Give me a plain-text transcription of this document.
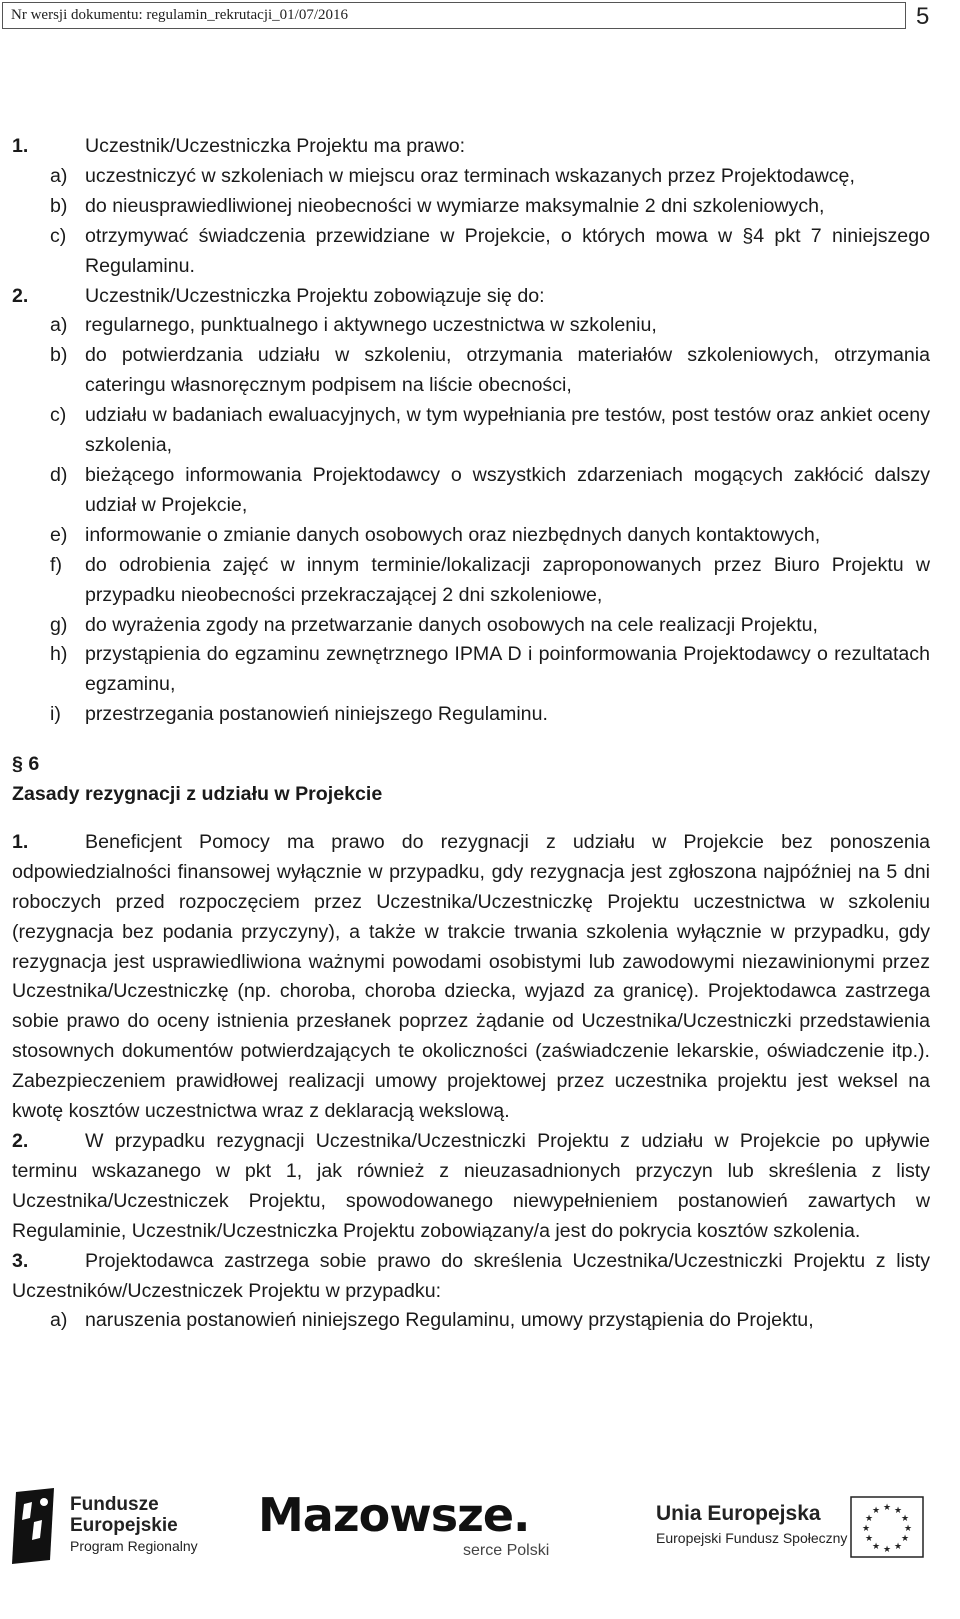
Nr wersji dokumentu: regulamin_rekrutacji_01/07/2016	5
1.	Uczestnik/Uczestniczka Projektu ma prawo:
a) uczestniczyć w szkoleniach w miejscu oraz terminach wskazanych przez Projektodawcę,
b) do nieusprawiedliwionej nieobecności w wymiarze maksymalnie 2 dni szkoleniowych,
c) otrzymywać świadczenia przewidziane w Projekcie, o których mowa w §4 pkt 7 niniejszego Regulaminu.
2.	Uczestnik/Uczestniczka Projektu zobowiązuje się do:
a) regularnego, punktualnego i aktywnego uczestnictwa w szkoleniu,
b) do potwierdzania udziału w szkoleniu, otrzymania materiałów szkoleniowych, otrzymania cateringu własnoręcznym podpisem na liście obecności,
c) udziału w badaniach ewaluacyjnych, w tym wypełniania pre testów, post testów oraz ankiet oceny szkolenia,
d) bieżącego informowania Projektodawcy o wszystkich zdarzeniach mogących zakłócić dalszy udział w Projekcie,
e) informowanie o zmianie danych osobowych oraz niezbędnych danych kontaktowych,
f)	do odrobienia zajęć w innym terminie/lokalizacji zaproponowanych przez Biuro Projektu w przypadku nieobecności przekraczającej 2 dni szkoleniowe,
g) do wyrażenia zgody na przetwarzanie danych osobowych na cele realizacji Projektu,
h) przystąpienia do egzaminu zewnętrznego IPMA D i poinformowania Projektodawcy o rezultatach egzaminu,
i)	przestrzegania postanowień niniejszego Regulaminu.
§ 6
Zasady rezygnacji z udziału w Projekcie
1.	Beneficjent Pomocy ma prawo do rezygnacji z udziału w Projekcie bez ponoszenia odpowiedzialności finansowej wyłącznie w przypadku, gdy rezygnacja jest zgłoszona najpóźniej na 5 dni roboczych przed rozpoczęciem przez Uczestnika/Uczestniczkę Projektu uczestnictwa w szkoleniu (rezygnacja bez podania przyczyny), a także w trakcie trwania szkolenia wyłącznie w przypadku, gdy rezygnacja jest usprawiedliwiona ważnymi powodami osobistymi lub zawodowymi niezawinionymi przez Uczestnika/Uczestniczkę (np. choroba, choroba dziecka, wyjazd za granicę). Projektodawca zastrzega sobie prawo do oceny istnienia przesłanek poprzez żądanie od Uczestnika/Uczestniczki przedstawienia stosownych dokumentów potwierdzających te okoliczności (zaświadczenie lekarskie, oświadczenie itp.). Zabezpieczeniem prawidłowej realizacji umowy projektowej przez uczestnika projektu jest weksel na kwotę kosztów uczestnictwa wraz z deklaracją wekslową.
2.	W przypadku rezygnacji Uczestnika/Uczestniczki Projektu z udziału w Projekcie po upływie terminu wskazanego w pkt 1, jak również z nieuzasadnionych przyczyn lub skreślenia z listy Uczestnika/Uczestniczek Projektu, spowodowanego niewypełnieniem postanowień zawartych w Regulaminie, Uczestnik/Uczestniczka Projektu zobowiązany/a jest do pokrycia kosztów szkolenia.
3.	Projektodawca zastrzega sobie prawo do skreślenia Uczestnika/Uczestniczki Projektu z listy Uczestników/Uczestniczek Projektu w przypadku:
a) naruszenia postanowień niniejszego Regulaminu, umowy przystąpienia do Projektu,
Fundusze
Europejskie
Program Regionalny
Mazowsze.
serce Polski
Unia Europejska
Europejski Fundusz Społeczny
★ ★
★
★
★
★
★
★
★
★
★
★
